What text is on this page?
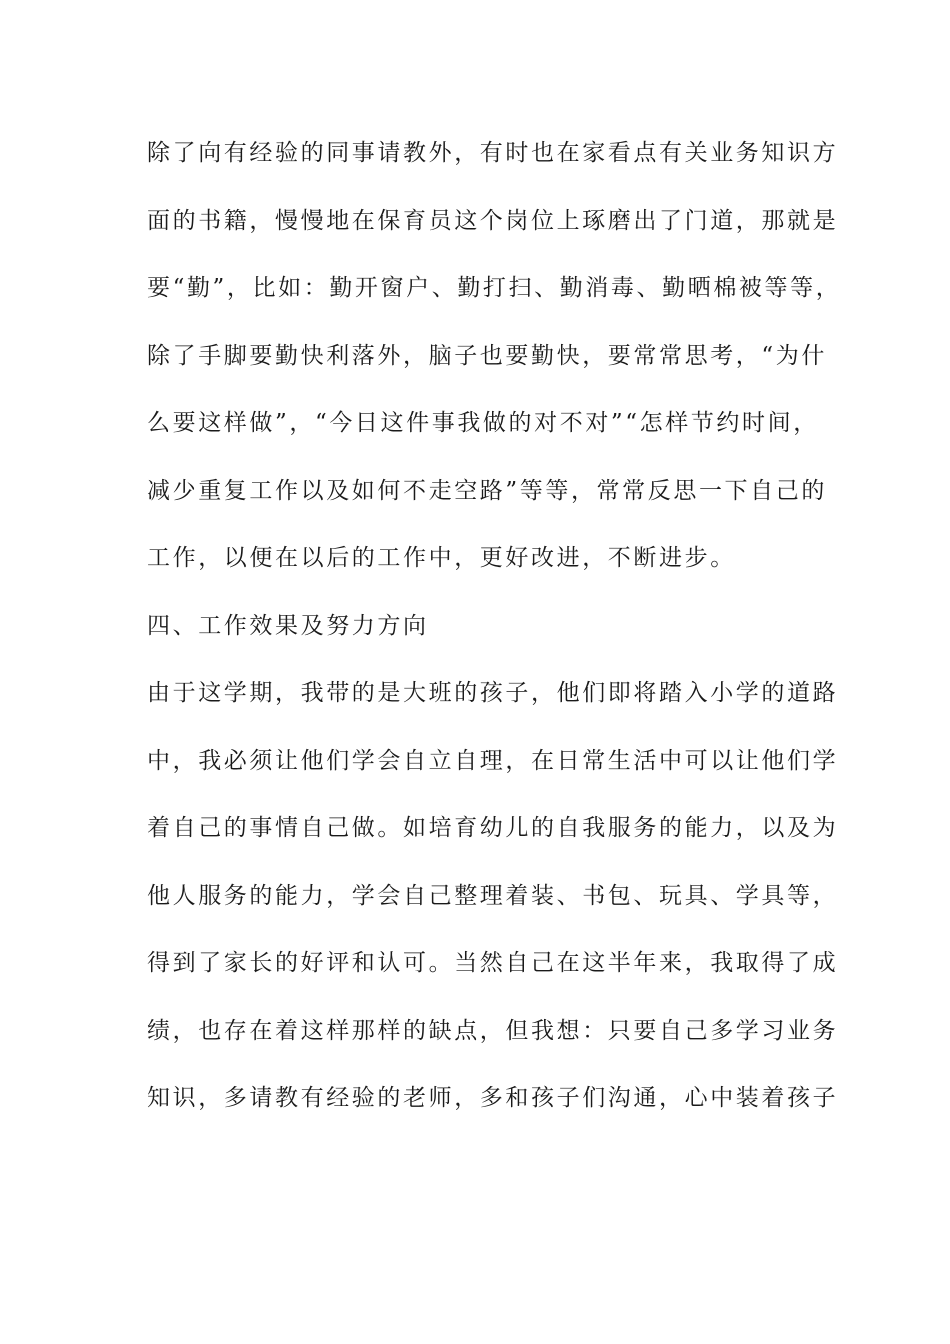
除了向有经验的同事请教外，有时也在家看点有关业务知识方
面的书籍，慢慢地在保育员这个岗位上琢磨出了门道，那就是
要“勤”，比如：勤开窗户、勤打扫、勤消毒、勤晒棉被等等，
除了手脚要勤快利落外，脑子也要勤快，要常常思考，“为什
么要这样做”，“今日这件事我做的对不对”“怎样节约时间，
减少重复工作以及如何不走空路”等等，常常反思一下自己的
工作，以便在以后的工作中，更好改进，不断进步。
四、工作效果及努力方向
由于这学期，我带的是大班的孩子，他们即将踏入小学的道路
中，我必须让他们学会自立自理，在日常生活中可以让他们学
着自己的事情自己做。如培育幼儿的自我服务的能力，以及为
他人服务的能力，学会自己整理着装、书包、玩具、学具等，
得到了家长的好评和认可。当然自己在这半年来，我取得了成
绩，也存在着这样那样的缺点，但我想：只要自己多学习业务
知识，多请教有经验的老师，多和孩子们沟通，心中装着孩子
